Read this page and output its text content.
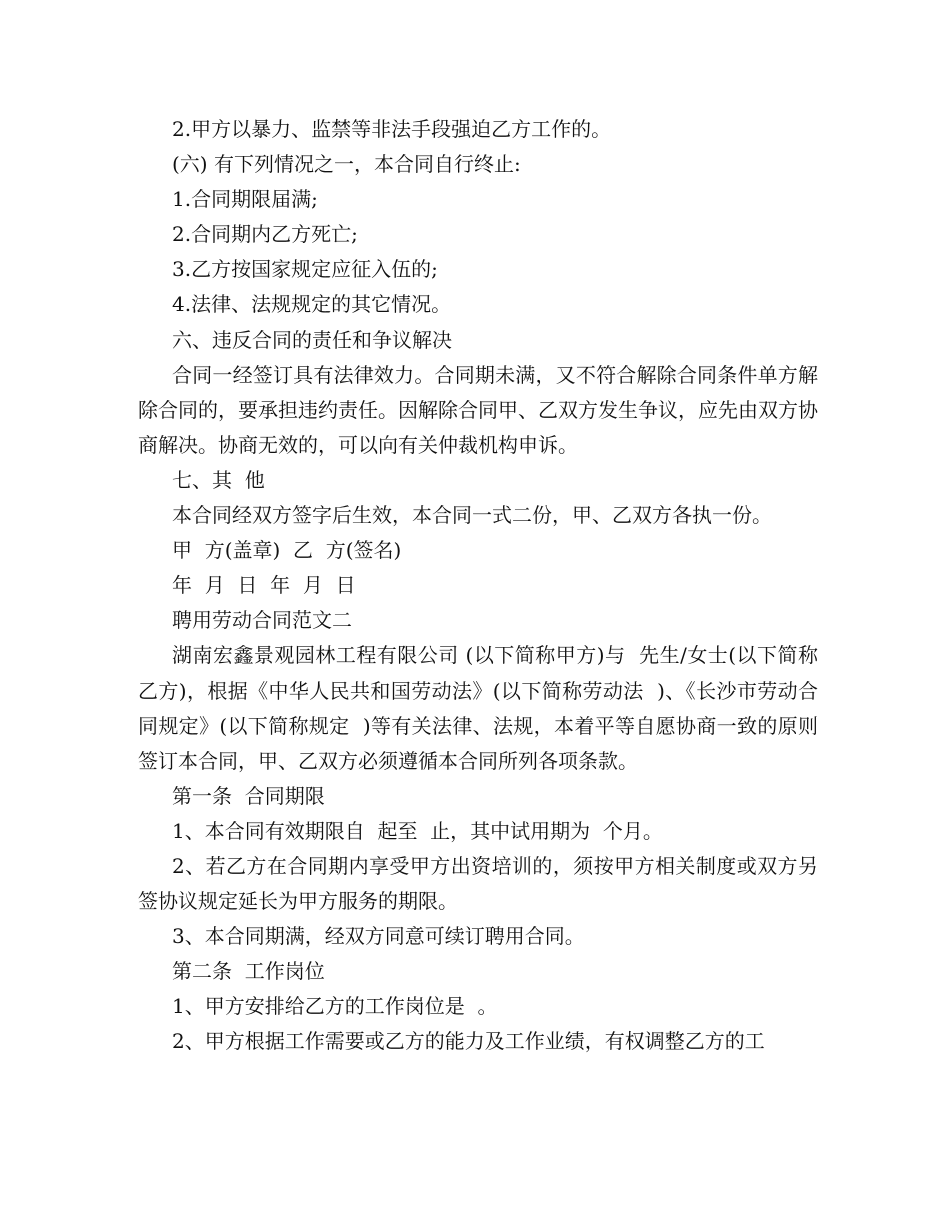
2.甲方以暴力、监禁等非法手段强迫乙方工作的。

(六) 有下列情况之一，本合同自行终止:

1.合同期限届满;

2.合同期内乙方死亡;

3.乙方按国家规定应征入伍的;

4.法律、法规规定的其它情况。

六、违反合同的责任和争议解决

合同一经签订具有法律效力。合同期未满，又不符合解除合同条件单方解除合同的，要承担违约责任。因解除合同甲、乙双方发生争议，应先由双方协商解决。协商无效的，可以向有关仲裁机构申诉。

七、其  他

本合同经双方签字后生效，本合同一式二份，甲、乙双方各执一份。

甲  方(盖章)  乙  方(签名)

年  月  日  年  月  日

聘用劳动合同范文二

湖南宏鑫景观园林工程有限公司 (以下简称甲方)与  先生/女士(以下简称乙方)，根据《中华人民共和国劳动法》(以下简称劳动法  )、《长沙市劳动合同规定》(以下简称规定  )等有关法律、法规，本着平等自愿协商一致的原则签订本合同，甲、乙双方必须遵循本合同所列各项条款。

第一条  合同期限

1、本合同有效期限自  起至  止，其中试用期为  个月。

2、若乙方在合同期内享受甲方出资培训的，须按甲方相关制度或双方另签协议规定延长为甲方服务的期限。

3、本合同期满，经双方同意可续订聘用合同。

第二条  工作岗位

1、甲方安排给乙方的工作岗位是  。

2、甲方根据工作需要或乙方的能力及工作业绩，有权调整乙方的工
